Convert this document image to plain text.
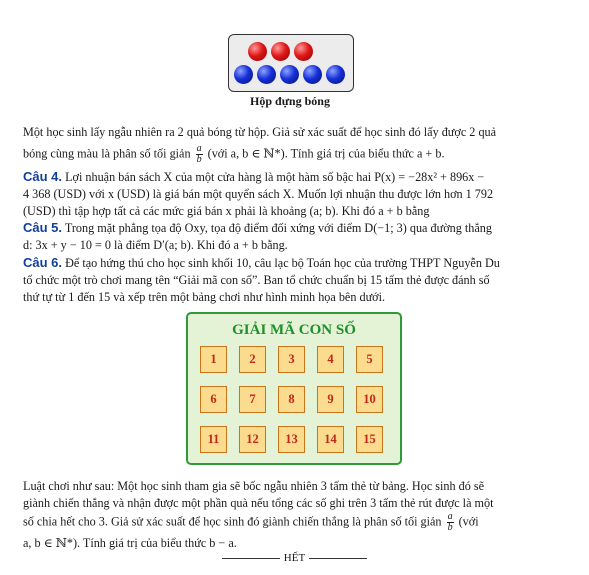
Hộp đựng bóng
Một học sinh lấy ngẫu nhiên ra 2 quả bóng từ hộp. Giả sử xác suất để học sinh đó lấy được 2 quả
bóng cùng màu là phân số tối giản $\frac{a}{b}$ (với a, b ∈ ℕ*). Tính giá trị của biểu thức a + b.
Câu 4. Lợi nhuận bán sách X của một cửa hàng là một hàm số bậc hai P(x) = −28x² + 896x −
4 368 (USD) với x (USD) là giá bán một quyển sách X. Muốn lợi nhuận thu được lớn hơn 1 792
(USD) thì tập hợp tất cả các mức giá bán x phải là khoảng (a; b). Khi đó a + b bằng
Câu 5. Trong mặt phẳng tọa độ Oxy, tọa độ điểm đối xứng với điểm D(−1; 3) qua đường thẳng
d: 3x + y − 10 = 0 là điểm D′(a; b). Khi đó a + b bằng.
Câu 6. Để tạo hứng thú cho học sinh khối 10, câu lạc bộ Toán học của trường THPT Nguyễn Du
tổ chức một trò chơi mang tên “Giải mã con số”. Ban tổ chức chuẩn bị 15 tấm thẻ được đánh số
thứ tự từ 1 đến 15 và xếp trên một bảng chơi như hình minh họa bên dưới.
GIẢI MÃ CON SỐ
1	2	3	4	5
6	7	8	9	10
11	12	13	14	15
Luật chơi như sau: Một học sinh tham gia sẽ bốc ngẫu nhiên 3 tấm thẻ từ bảng. Học sinh đó sẽ
giành chiến thắng và nhận được một phần quà nếu tổng các số ghi trên 3 tấm thẻ rút được là một
số chia hết cho 3. Giả sử xác suất để học sinh đó giành chiến thắng là phân số tối giản $\frac{a}{b}$ (với
a, b ∈ ℕ*). Tính giá trị của biểu thức b − a.
HẾT
